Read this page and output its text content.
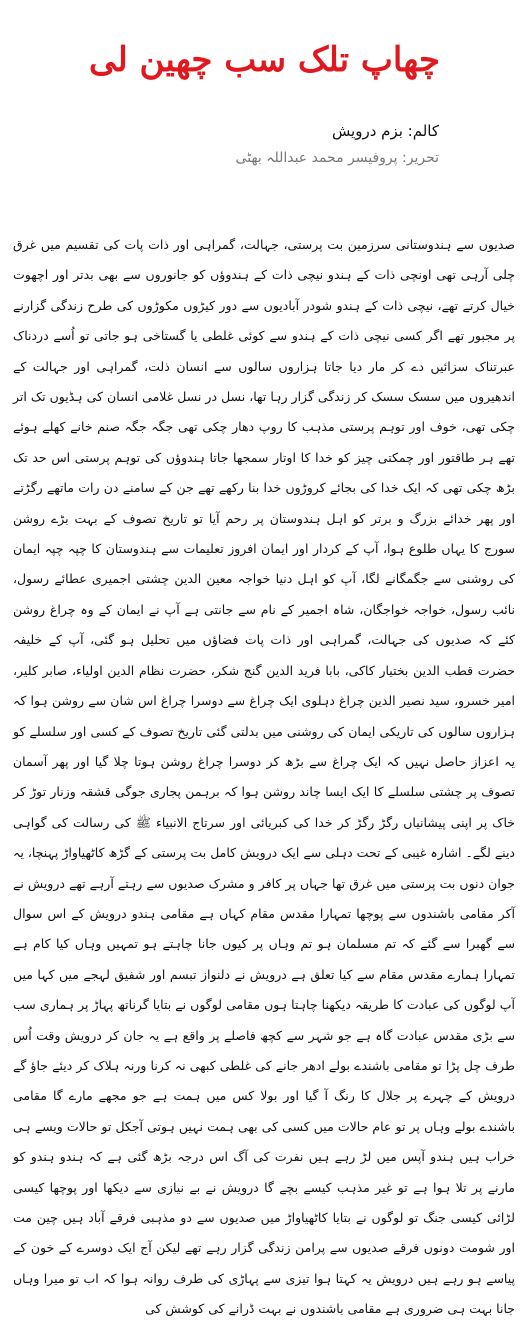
چھاپ تلک سب چھین لی
کالم: بزم درویش
تحریر: پروفیسر محمد عبداللہ بھٹی

صدیوں سے ہندوستانی سرزمین بت پرستی، جہالت، گمراہی اور ذات پات کی تقسیم میں غرق چلی آرہی تھی اونچی ذات کے ہندو نیچی ذات کے ہندوؤں کو جانوروں سے بھی بدتر اور اچھوت خیال کرتے تھے، نیچی ذات کے ہندو شودر آبادیوں سے دور کیڑوں مکوڑوں کی طرح زندگی گزارنے پر مجبور تھے اگر کسی نیچی ذات کے ہندو سے کوئی غلطی یا گستاخی ہو جاتی تو اُسے دردناک عبرتناک سزائیں دے کر مار دیا جاتا ہزاروں سالوں سے انسان ذلت، گمراہی اور جہالت کے اندھیروں میں سسک سسک کر زندگی گزار رہا تھا، نسل در نسل غلامی انسان کی ہڈیوں تک اتر چکی تھی، خوف اور توہم پرستی مذہب کا روپ دھار چکی تھی جگہ جگہ صنم خانے کھلے ہوئے تھے ہر طاقتور اور چمکتی چیز کو خدا کا اوتار سمجھا جاتا ہندوؤں کی توہم پرستی اس حد تک بڑھ چکی تھی کہ ایک خدا کی بجائے کروڑوں خدا بنا رکھے تھے جن کے سامنے دن رات ماتھے رگڑتے اور پھر خدائے بزرگ و برتر کو اہل ہندوستان پر رحم آیا تو تاریخ تصوف کے بہت بڑے روشن سورج کا یہاں طلوع ہوا، آپ کے کردار اور ایمان افروز تعلیمات سے ہندوستان کا چپہ چپہ ایمان کی روشنی سے جگمگانے لگا، آپ کو اہل دنیا خواجہ معین الدین چشتی اجمیری عطائے رسول، نائب رسول، خواجہ خواجگان، شاہ اجمیر کے نام سے جانتی ہے آپ نے ایمان کے وہ چراغ روشن کئے کہ صدیوں کی جہالت، گمراہی اور ذات پات فضاؤں میں تحلیل ہو گئی، آپ کے خلیفہ حضرت قطب الدین بختیار کاکی، بابا فرید الدین گنج شکر، حضرت نظام الدین اولیاء، صابر کلیر، امیر خسرو، سید نصیر الدین چراغ دہلوی ایک چراغ سے دوسرا چراغ اس شان سے روشن ہوا کہ ہزاروں سالوں کی تاریکی ایمان کی روشنی میں بدلتی گئی تاریخ تصوف کے کسی اور سلسلے کو یہ اعزاز حاصل نہیں کہ ایک چراغ سے بڑھ کر دوسرا چراغ روشن ہوتا چلا گیا اور پھر آسمان تصوف پر چشتی سلسلے کا ایک ایسا چاند روشن ہوا کہ برہمن پجاری جوگی قشقہ وزنار توڑ کر خاک پر اپنی پیشانیاں رگڑ رگڑ کر خدا کی کبریائی اور سرتاج الانبیاء ﷺ کی رسالت کی گواہی دینے لگے۔ اشارہ غیبی کے تحت دہلی سے ایک درویش کامل بت پرستی کے گڑھ کاٹھیاواڑ پہنچا، یہ جوان دنوں بت پرستی میں غرق تھا جہاں پر کافر و مشرک صدیوں سے رہتے آرہے تھے درویش نے آکر مقامی باشندوں سے پوچھا تمہارا مقدس مقام کہاں ہے مقامی ہندو درویش کے اس سوال سے گھبرا سے گئے کہ تم مسلمان ہو تم وہاں پر کیوں جانا چاہتے ہو تمہیں وہاں کیا کام ہے تمہارا ہمارے مقدس مقام سے کیا تعلق ہے درویش نے دلنواز تبسم اور شفیق لہجے میں کہا میں آپ لوگوں کی عبادت کا طریقہ دیکھنا چاہتا ہوں مقامی لوگوں نے بتایا گرناتھ پہاڑ پر ہماری سب سے بڑی مقدس عبادت گاہ ہے جو شہر سے کچھ فاصلے پر واقع ہے یہ جان کر درویش وقت اُس طرف چل پڑا تو مقامی باشندے بولے ادھر جانے کی غلطی کبھی نہ کرنا ورنہ ہلاک کر دیئے جاؤ گے درویش کے چہرے پر جلال کا رنگ آ گیا اور بولا کس میں ہمت ہے جو مجھے مارے گا مقامی باشندے بولے وہاں پر تو عام حالات میں کسی کی بھی ہمت نہیں ہوتی آجکل تو حالات ویسے ہی خراب ہیں ہندو آپس میں لڑ رہے ہیں نفرت کی آگ اس درجہ بڑھ گئی ہے کہ ہندو ہندو کو مارنے پر تلا ہوا ہے تو غیر مذہب کیسے بچے گا درویش نے بے نیازی سے دیکھا اور پوچھا کیسی لڑائی کیسی جنگ تو لوگوں نے بتایا کاٹھیاواڑ میں صدیوں سے دو مذہبی فرقے آباد ہیں چین مت اور شومت دونوں فرقے صدیوں سے پرامن زندگی گزار رہے تھے لیکن آج ایک دوسرے کے خون کے پیاسے ہو رہے ہیں درویش یہ کہتا ہوا تیزی سے پہاڑی کی طرف روانہ ہوا کہ اب تو میرا وہاں جانا بہت ہی ضروری ہے مقامی باشندوں نے بہت ڈرانے کی کوشش کی
